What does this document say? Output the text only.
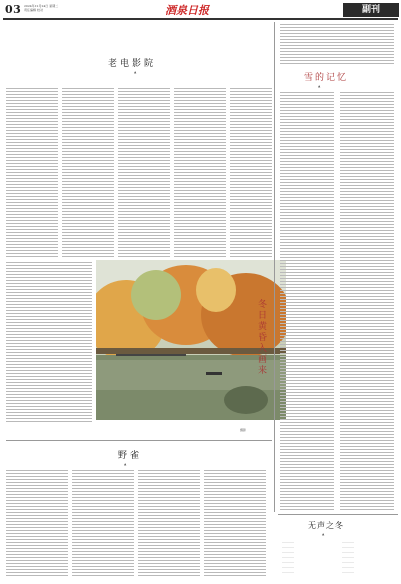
03 2024年12月24日 星期二
责任编辑 校对	酒泉日报	副刊
老电影院
▲
摄影
冬日黄昏入画来
野雀
▲
雪的记忆
▲
无声之冬
▲
…………
…………
…………
…………
…………
…………
…………
…………
…………
…………
…………
…………
…………
…………
